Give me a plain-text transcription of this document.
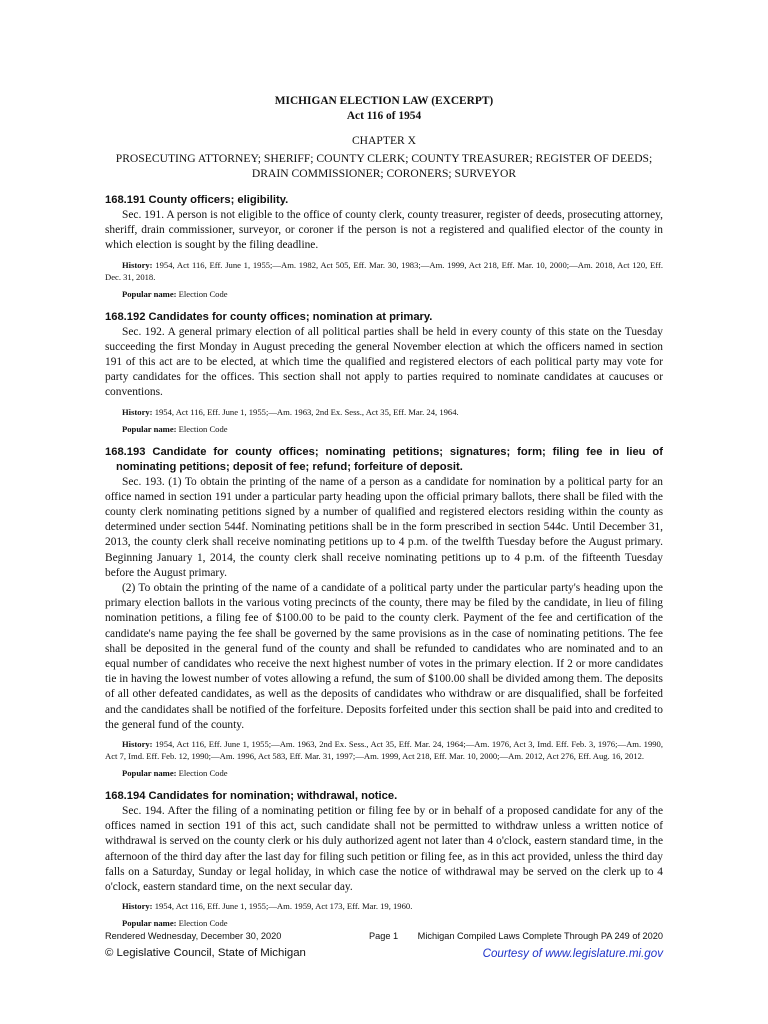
MICHIGAN ELECTION LAW (EXCERPT)
Act 116 of 1954
CHAPTER X
PROSECUTING ATTORNEY; SHERIFF; COUNTY CLERK; COUNTY TREASURER; REGISTER OF DEEDS; DRAIN COMMISSIONER; CORONERS; SURVEYOR
168.191 County officers; eligibility.
Sec. 191. A person is not eligible to the office of county clerk, county treasurer, register of deeds, prosecuting attorney, sheriff, drain commissioner, surveyor, or coroner if the person is not a registered and qualified elector of the county in which election is sought by the filing deadline.
History: 1954, Act 116, Eff. June 1, 1955;—Am. 1982, Act 505, Eff. Mar. 30, 1983;—Am. 1999, Act 218, Eff. Mar. 10, 2000;—Am. 2018, Act 120, Eff. Dec. 31, 2018.
Popular name: Election Code
168.192 Candidates for county offices; nomination at primary.
Sec. 192. A general primary election of all political parties shall be held in every county of this state on the Tuesday succeeding the first Monday in August preceding the general November election at which the officers named in section 191 of this act are to be elected, at which time the qualified and registered electors of each political party may vote for party candidates for the offices. This section shall not apply to parties required to nominate candidates at caucuses or conventions.
History: 1954, Act 116, Eff. June 1, 1955;—Am. 1963, 2nd Ex. Sess., Act 35, Eff. Mar. 24, 1964.
Popular name: Election Code
168.193 Candidate for county offices; nominating petitions; signatures; form; filing fee in lieu of nominating petitions; deposit of fee; refund; forfeiture of deposit.
Sec. 193. (1) To obtain the printing of the name of a person as a candidate for nomination by a political party for an office named in section 191 under a particular party heading upon the official primary ballots, there shall be filed with the county clerk nominating petitions signed by a number of qualified and registered electors residing within the county as determined under section 544f. Nominating petitions shall be in the form prescribed in section 544c. Until December 31, 2013, the county clerk shall receive nominating petitions up to 4 p.m. of the twelfth Tuesday before the August primary. Beginning January 1, 2014, the county clerk shall receive nominating petitions up to 4 p.m. of the fifteenth Tuesday before the August primary.
(2) To obtain the printing of the name of a candidate of a political party under the particular party's heading upon the primary election ballots in the various voting precincts of the county, there may be filed by the candidate, in lieu of filing nomination petitions, a filing fee of $100.00 to be paid to the county clerk. Payment of the fee and certification of the candidate's name paying the fee shall be governed by the same provisions as in the case of nominating petitions. The fee shall be deposited in the general fund of the county and shall be refunded to candidates who are nominated and to an equal number of candidates who receive the next highest number of votes in the primary election. If 2 or more candidates tie in having the lowest number of votes allowing a refund, the sum of $100.00 shall be divided among them. The deposits of all other defeated candidates, as well as the deposits of candidates who withdraw or are disqualified, shall be forfeited and the candidates shall be notified of the forfeiture. Deposits forfeited under this section shall be paid into and credited to the general fund of the county.
History: 1954, Act 116, Eff. June 1, 1955;—Am. 1963, 2nd Ex. Sess., Act 35, Eff. Mar. 24, 1964;—Am. 1976, Act 3, Imd. Eff. Feb. 3, 1976;—Am. 1990, Act 7, Imd. Eff. Feb. 12, 1990;—Am. 1996, Act 583, Eff. Mar. 31, 1997;—Am. 1999, Act 218, Eff. Mar. 10, 2000;—Am. 2012, Act 276, Eff. Aug. 16, 2012.
Popular name: Election Code
168.194 Candidates for nomination; withdrawal, notice.
Sec. 194. After the filing of a nominating petition or filing fee by or in behalf of a proposed candidate for any of the offices named in section 191 of this act, such candidate shall not be permitted to withdraw unless a written notice of withdrawal is served on the county clerk or his duly authorized agent not later than 4 o'clock, eastern standard time, in the afternoon of the third day after the last day for filing such petition or filing fee, as in this act provided, unless the third day falls on a Saturday, Sunday or legal holiday, in which case the notice of withdrawal may be served on the clerk up to 4 o'clock, eastern standard time, on the next secular day.
History: 1954, Act 116, Eff. June 1, 1955;—Am. 1959, Act 173, Eff. Mar. 19, 1960.
Popular name: Election Code
Rendered Wednesday, December 30, 2020	Page 1 Michigan Compiled Laws Complete Through PA 249 of 2020
© Legislative Council, State of Michigan	Courtesy of www.legislature.mi.gov
